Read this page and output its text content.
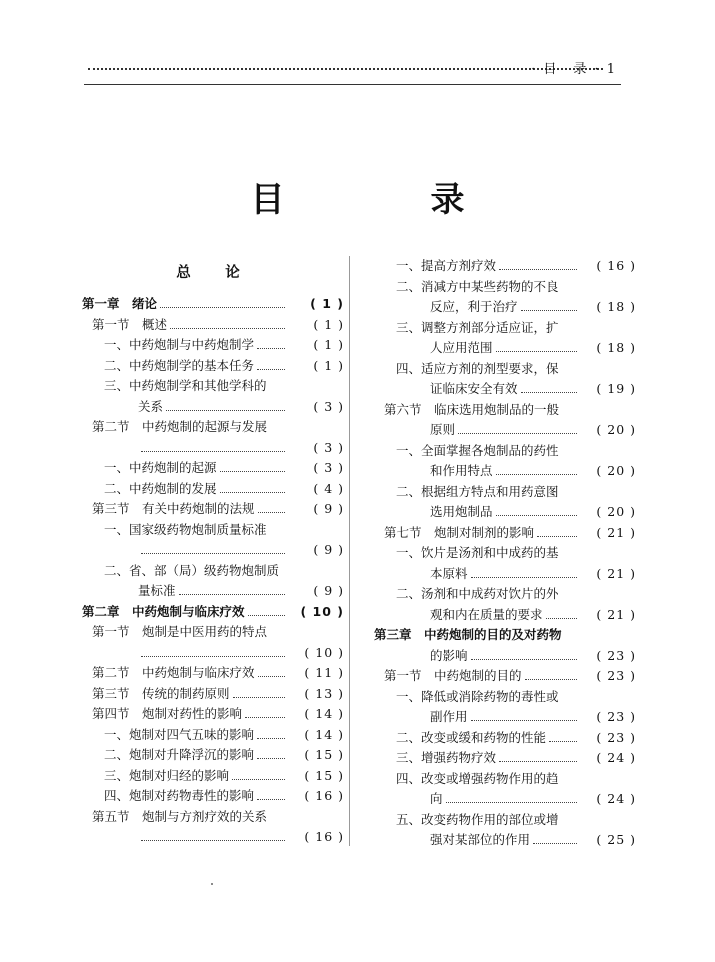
· 目　录 · 1
目　录
总　论
第一章　绪论	( 1 )
第一节　概述	( 1 )
一、中药炮制与中药炮制学	( 1 )
二、中药炮制学的基本任务	( 1 )
三、中药炮制学和其他学科的
关系	( 3 )
第二节　中药炮制的起源与发展
( 3 )
一、中药炮制的起源	( 3 )
二、中药炮制的发展	( 4 )
第三节　有关中药炮制的法规	( 9 )
一、国家级药物炮制质量标准
( 9 )
二、省、部（局）级药物炮制质
量标准	( 9 )
第二章　中药炮制与临床疗效	( 10 )
第一节　炮制是中医用药的特点
( 10 )
第二节　中药炮制与临床疗效	( 11 )
第三节　传统的制药原则	( 13 )
第四节　炮制对药性的影响	( 14 )
一、炮制对四气五味的影响	( 14 )
二、炮制对升降浮沉的影响	( 15 )
三、炮制对归经的影响	( 15 )
四、炮制对药物毒性的影响	( 16 )
第五节　炮制与方剂疗效的关系
( 16 )
一、提高方剂疗效	( 16 )
二、消减方中某些药物的不良
反应，利于治疗	( 18 )
三、调整方剂部分适应证，扩
人应用范围	( 18 )
四、适应方剂的剂型要求，保
证临床安全有效	( 19 )
第六节　临床选用炮制品的一般
原则	( 20 )
一、全面掌握各炮制品的药性
和作用特点	( 20 )
二、根据组方特点和用药意图
选用炮制品	( 20 )
第七节　炮制对制剂的影响	( 21 )
一、饮片是汤剂和中成药的基
本原料	( 21 )
二、汤剂和中成药对饮片的外
观和内在质量的要求	( 21 )
第三章　中药炮制的目的及对药物
的影响	( 23 )
第一节　中药炮制的目的	( 23 )
一、降低或消除药物的毒性或
副作用	( 23 )
二、改变或缓和药物的性能	( 23 )
三、增强药物疗效	( 24 )
四、改变或增强药物作用的趋
向	( 24 )
五、改变药物作用的部位或增
强对某部位的作用	( 25 )
